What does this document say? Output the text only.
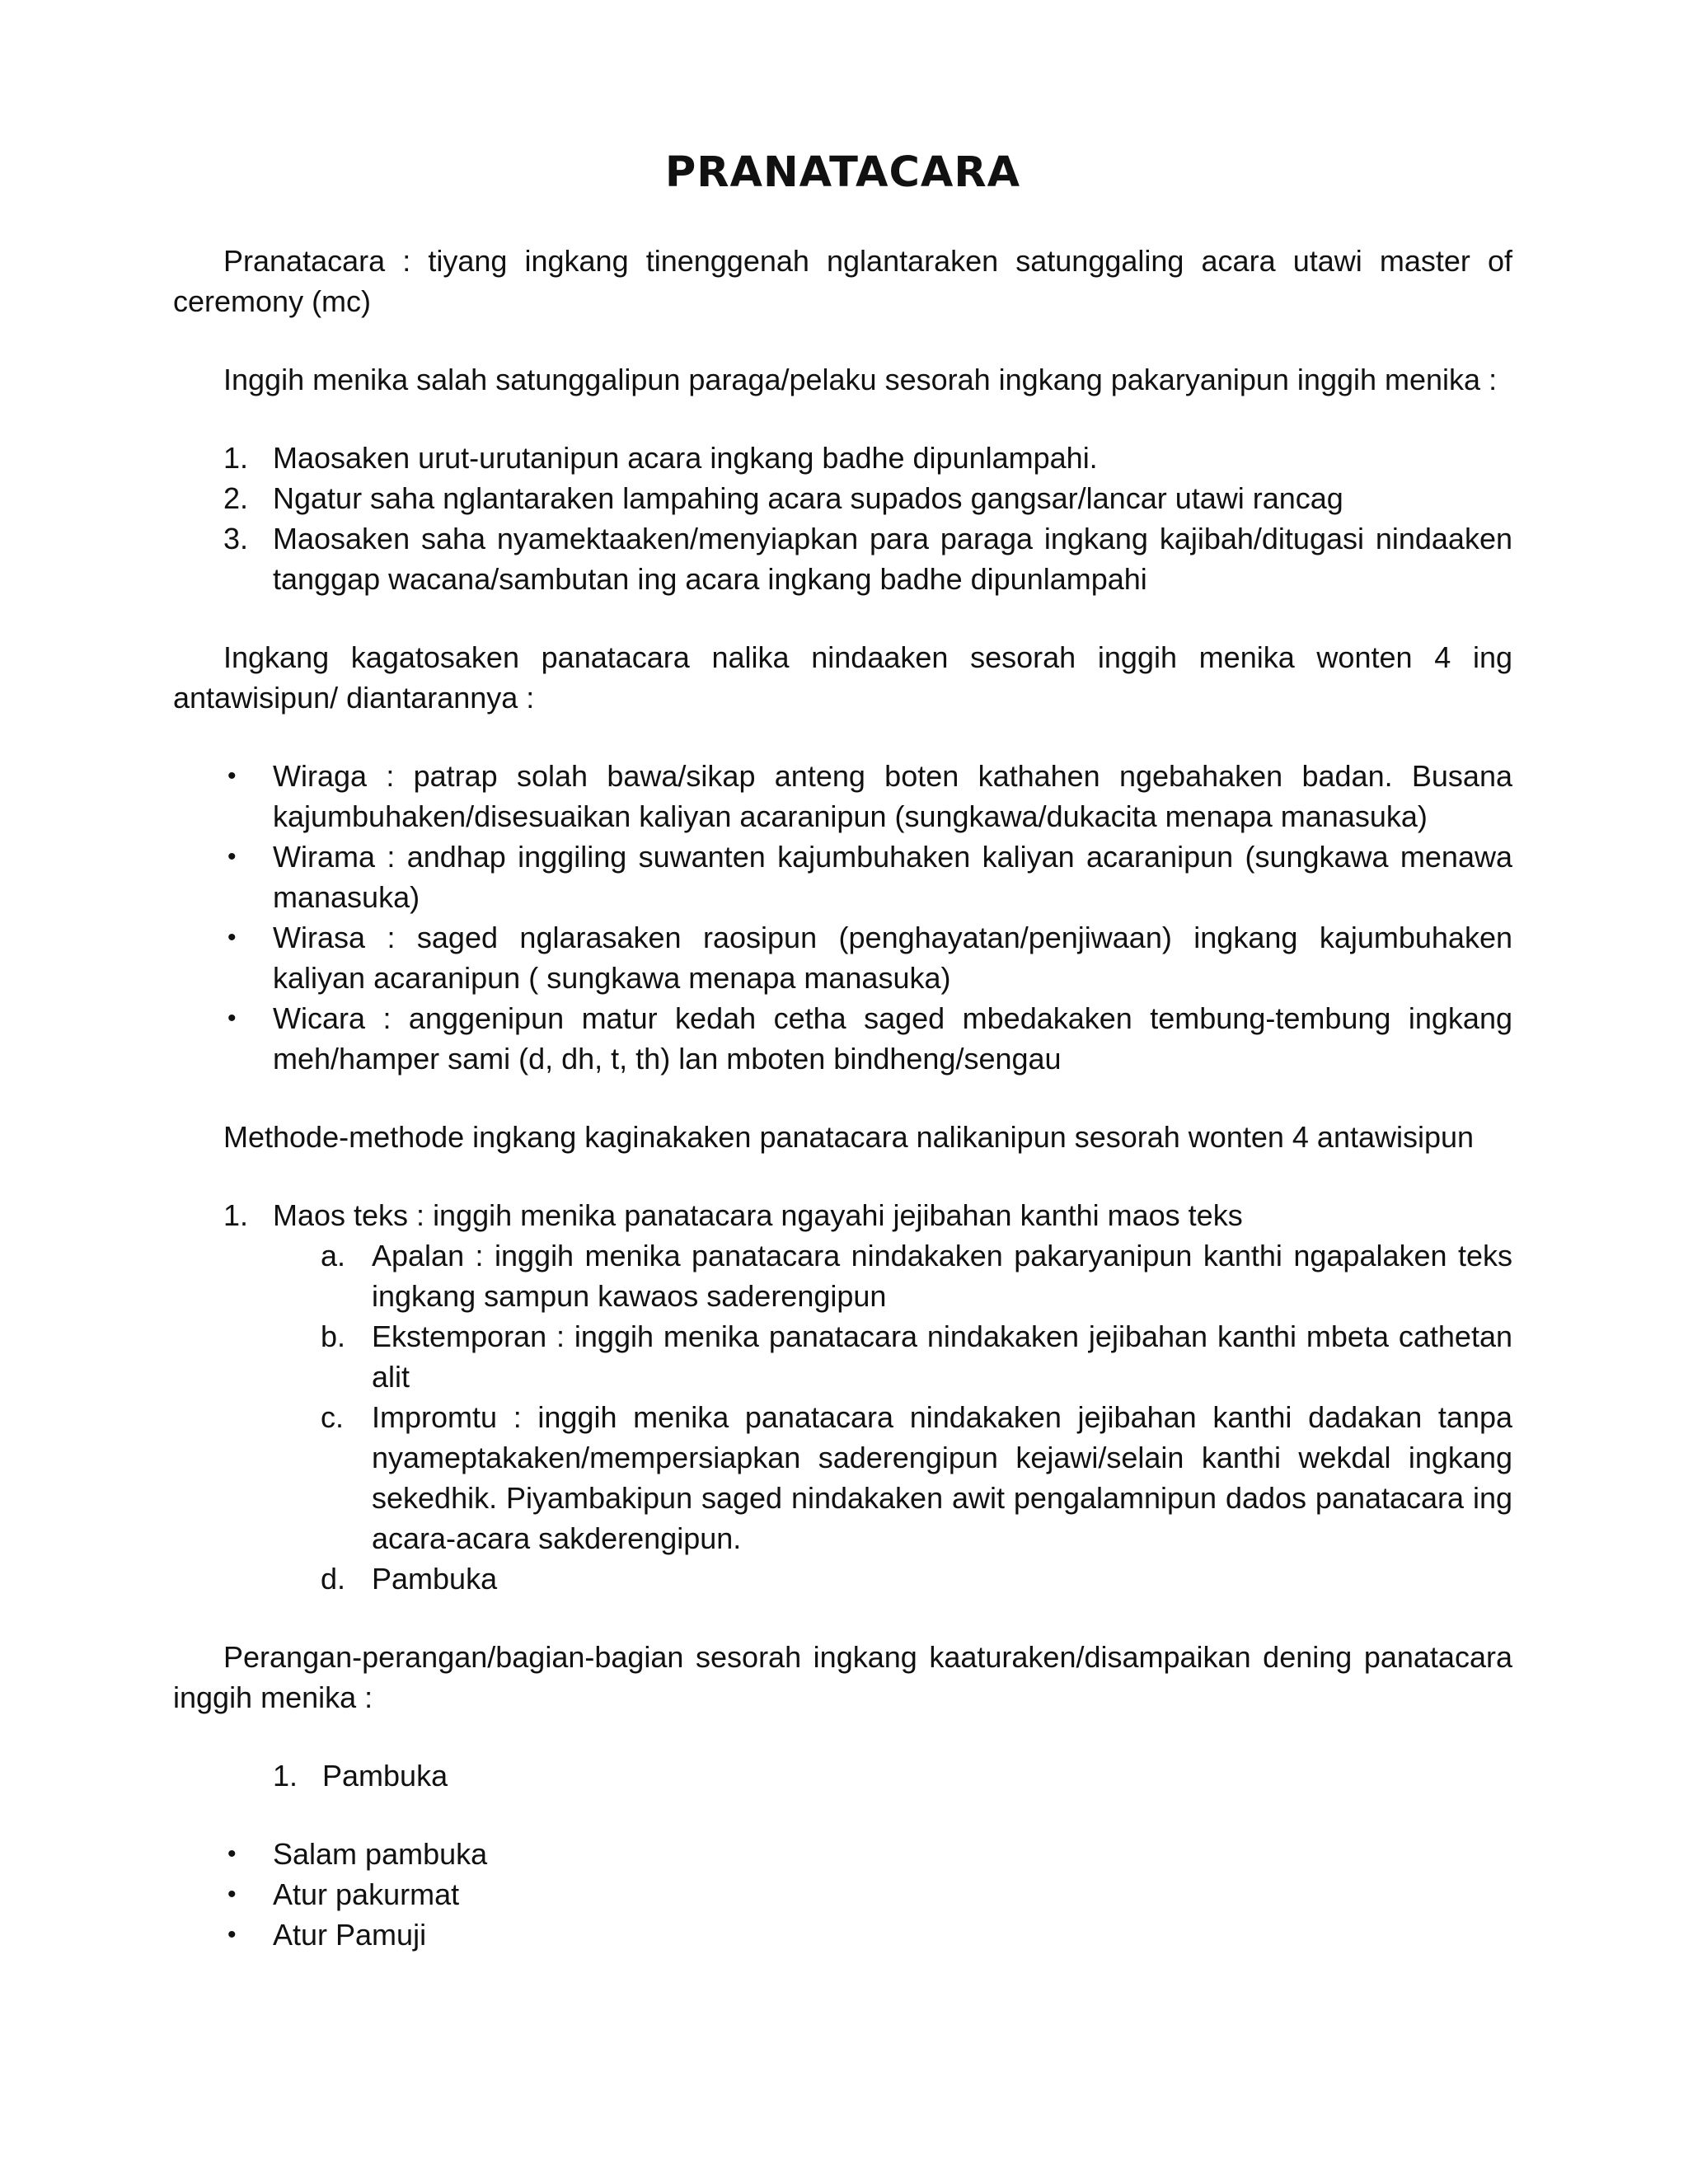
PRANATACARA

Pranatacara : tiyang ingkang tinenggenah nglantaraken satunggaling acara utawi master of ceremony (mc)

Inggih menika salah satunggalipun paraga/pelaku sesorah ingkang pakaryanipun inggih menika :

1. Maosaken urut-urutanipun acara ingkang badhe dipunlampahi.
2. Ngatur saha nglantaraken lampahing acara supados gangsar/lancar utawi rancag
3. Maosaken saha nyamektaaken/menyiapkan para paraga ingkang kajibah/ditugasi nindaaken tanggap wacana/sambutan ing acara ingkang badhe dipunlampahi

Ingkang kagatosaken panatacara nalika nindaaken sesorah inggih menika wonten 4 ing antawisipun/ diantarannya :

• Wiraga : patrap solah bawa/sikap anteng boten kathahen ngebahaken badan. Busana kajumbuhaken/disesuaikan kaliyan acaranipun (sungkawa/dukacita menapa manasuka)
• Wirama : andhap inggiling suwanten kajumbuhaken kaliyan acaranipun (sungkawa menawa manasuka)
• Wirasa : saged nglarasaken raosipun (penghayatan/penjiwaan) ingkang kajumbuhaken kaliyan acaranipun ( sungkawa menapa manasuka)
• Wicara : anggenipun matur kedah cetha saged mbedakaken tembung-tembung ingkang meh/hamper sami (d, dh, t, th) lan mboten bindheng/sengau

Methode-methode ingkang kaginakaken panatacara nalikanipun sesorah wonten 4 antawisipun

1. Maos teks : inggih menika panatacara ngayahi jejibahan kanthi maos teks
a. Apalan : inggih menika panatacara nindakaken pakaryanipun kanthi ngapalaken teks ingkang sampun kawaos saderengipun
b. Ekstemporan : inggih menika panatacara nindakaken jejibahan kanthi mbeta cathetan alit
c. Impromtu : inggih menika panatacara nindakaken jejibahan kanthi dadakan tanpa nyameptakaken/mempersiapkan saderengipun kejawi/selain kanthi wekdal ingkang sekedhik. Piyambakipun saged nindakaken awit pengalamnipun dados panatacara ing acara-acara sakderengipun.
d. Pambuka

Perangan-perangan/bagian-bagian sesorah ingkang kaaturaken/disampaikan dening panatacara inggih menika :

1. Pambuka
• Salam pambuka
• Atur pakurmat
• Atur Pamuji
